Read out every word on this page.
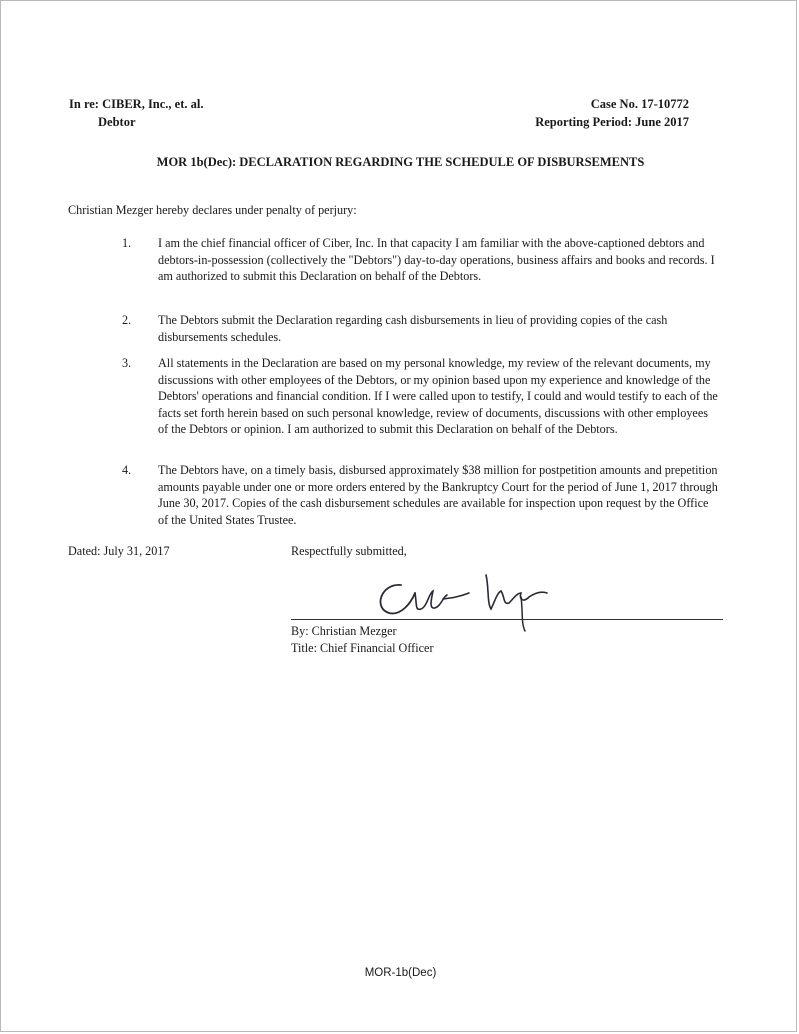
In re: CIBER, Inc., et. al.
Debtor
Case No. 17-10772
Reporting Period: June 2017
MOR 1b(Dec): DECLARATION REGARDING THE SCHEDULE OF DISBURSEMENTS
Christian Mezger hereby declares under penalty of perjury:
1. I am the chief financial officer of Ciber, Inc. In that capacity I am familiar with the above-captioned debtors and debtors-in-possession (collectively the "Debtors") day-to-day operations, business affairs and books and records. I am authorized to submit this Declaration on behalf of the Debtors.
2. The Debtors submit the Declaration regarding cash disbursements in lieu of providing copies of the cash disbursements schedules.
3. All statements in the Declaration are based on my personal knowledge, my review of the relevant documents, my discussions with other employees of the Debtors, or my opinion based upon my experience and knowledge of the Debtors' operations and financial condition. If I were called upon to testify, I could and would testify to each of the facts set forth herein based on such personal knowledge, review of documents, discussions with other employees of the Debtors or opinion. I am authorized to submit this Declaration on behalf of the Debtors.
4. The Debtors have, on a timely basis, disbursed approximately $38 million for postpetition amounts and prepetition amounts payable under one or more orders entered by the Bankruptcy Court for the period of June 1, 2017 through June 30, 2017. Copies of the cash disbursement schedules are available for inspection upon request by the Office of the United States Trustee.
Dated: July 31, 2017	Respectfully submitted,
By: Christian Mezger
Title: Chief Financial Officer
MOR-1b(Dec)
